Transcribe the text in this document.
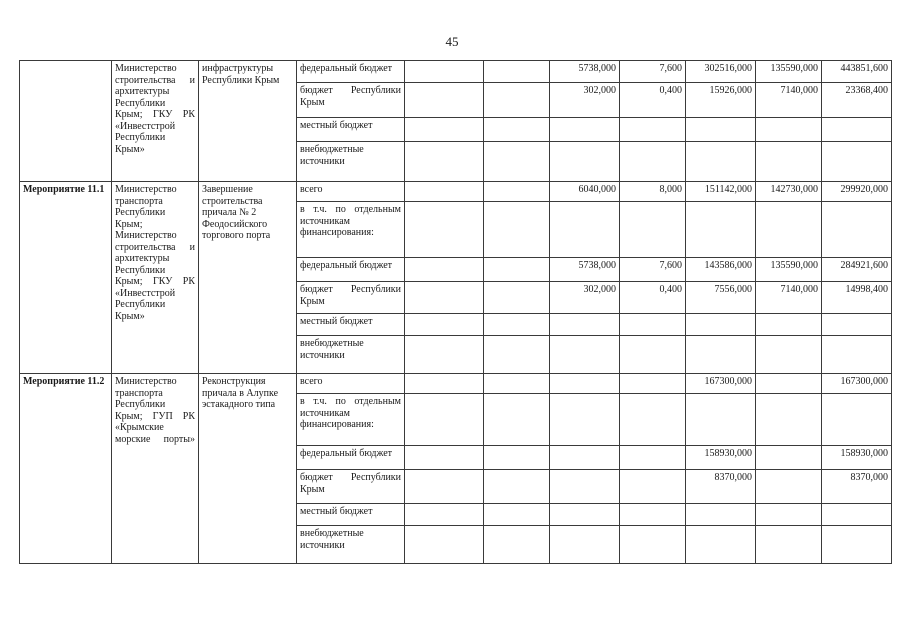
45
	Министерство строительства и архитектуры Республики Крым; ГКУ РК «Инвестстрой Республики Крым»	инфраструктуры Республики Крым	федеральный бюджет			5738,000	7,600	302516,000	135590,000	443851,600
			бюджет Республики Крым			302,000	0,400	15926,000	7140,000	23368,400
			местный бюджет							
			внебюджетные источники							
Мероприятие 11.1	Министерство транспорта Республики Крым; Министерство строительства и архитектуры Республики Крым; ГКУ РК «Инвестстрой Республики Крым»	Завершение строительства причала № 2 Феодосийского торгового порта	всего			6040,000	8,000	151142,000	142730,000	299920,000
			в т.ч. по отдельным источникам финансирования:							
			федеральный бюджет			5738,000	7,600	143586,000	135590,000	284921,600
			бюджет Республики Крым			302,000	0,400	7556,000	7140,000	14998,400
			местный бюджет							
			внебюджетные источники							
Мероприятие 11.2	Министерство транспорта Республики Крым; ГУП РК «Крымские морские порты»	Реконструкция причала в Алупке эстакадного типа	всего					167300,000		167300,000
			в т.ч. по отдельным источникам финансирования:							
			федеральный бюджет					158930,000		158930,000
			бюджет Республики Крым					8370,000		8370,000
			местный бюджет							
			внебюджетные источники							
